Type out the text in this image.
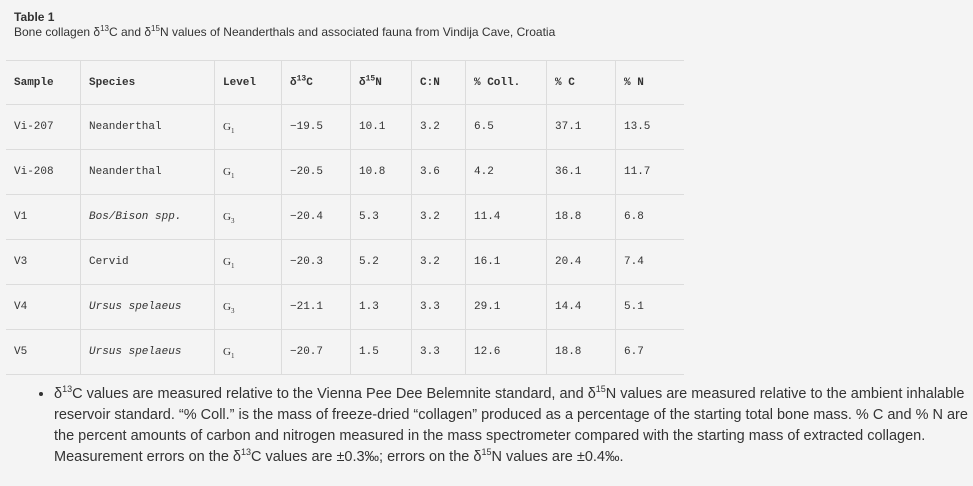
Table 1
Bone collagen $\delta^{13}C$ and $\delta^{15}N$ values of Neanderthals and associated fauna from Vindija Cave, Croatia
Sample	Species	Level	$\delta^{13}C$	$\delta^{15}N$	C:N	% Coll.	% C	% N
Vi-207	Neanderthal	$G_1$	−19.5	10.1	3.2	6.5	37.1	13.5
Vi-208	Neanderthal	$G_1$	−20.5	10.8	3.6	4.2	36.1	11.7
V1	Bos/Bison spp.	$G_3$	−20.4	5.3	3.2	11.4	18.8	6.8
V3	Cervid	$G_1$	−20.3	5.2	3.2	16.1	20.4	7.4
V4	Ursus spelaeus	$G_3$	−21.1	1.3	3.3	29.1	14.4	5.1
V5	Ursus spelaeus	$G_1$	−20.7	1.5	3.3	12.6	18.8	6.7
• $\delta^{13}C$ values are measured relative to the Vienna Pee Dee Belemnite standard, and $\delta^{15}N$ values are measured relative to the ambient inhalable reservoir standard. “% Coll.” is the mass of freeze-dried “collagen” produced as a percentage of the starting total bone mass. % C and % N are the percent amounts of carbon and nitrogen measured in the mass spectrometer compared with the starting mass of extracted collagen. Measurement errors on the $\delta^{13}C$ values are ±0.3‰; errors on the $\delta^{15}N$ values are ±0.4‰.
